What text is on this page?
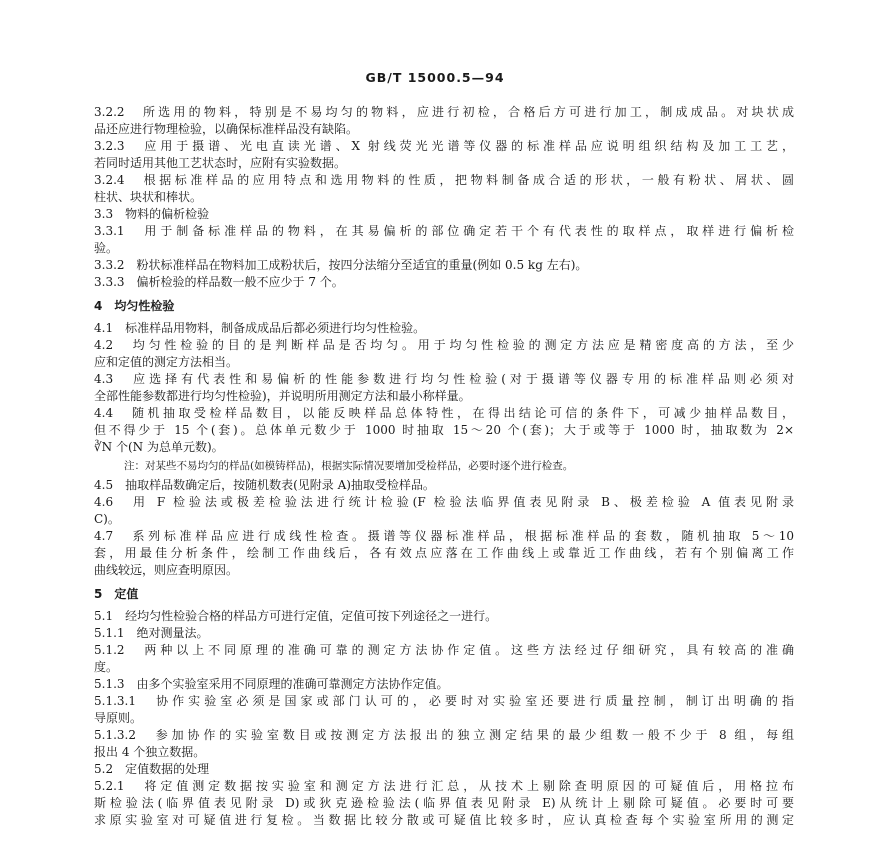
GB/T 15000.5—94
3.2.2　所选用的物料，特别是不易均匀的物料，应进行初检，合格后方可进行加工，制成成品。对块状成
品还应进行物理检验，以确保标准样品没有缺陷。
3.2.3　应用于摄谱、光电直读光谱、X 射线荧光光谱等仪器的标准样品应说明组织结构及加工工艺，
若同时适用其他工艺状态时，应附有实验数据。
3.2.4　根据标准样品的应用特点和选用物料的性质，把物料制备成合适的形状，一般有粉状、屑状、圆
柱状、块状和棒状。
3.3　物料的偏析检验
3.3.1　用于制备标准样品的物料，在其易偏析的部位确定若干个有代表性的取样点，取样进行偏析检
验。
3.3.2　粉状标准样品在物料加工成粉状后，按四分法缩分至适宜的重量(例如 0.5 kg 左右)。
3.3.3　偏析检验的样品数一般不应少于 7 个。
4　均匀性检验
4.1　标准样品用物料，制备成成品后都必须进行均匀性检验。
4.2　均匀性检验的目的是判断样品是否均匀。用于均匀性检验的测定方法应是精密度高的方法，至少
应和定值的测定方法相当。
4.3　应选择有代表性和易偏析的性能参数进行均匀性检验(对于摄谱等仪器专用的标准样品则必须对
全部性能参数都进行均匀性检验)，并说明所用测定方法和最小称样量。
4.4　随机抽取受检样品数目，以能反映样品总体特性，在得出结论可信的条件下，可减少抽样品数目，
但不得少于 15 个(套)。总体单元数少于 1000 时抽取 15～20 个(套)；大于或等于 1000 时，抽取数为 2×
∛N 个(N 为总单元数)。
注：对某些不易均匀的样品(如模铸样品)，根据实际情况要增加受检样品，必要时逐个进行检查。
4.5　抽取样品数确定后，按随机数表(见附录 A)抽取受检样品。
4.6　用 F 检验法或极差检验法进行统计检验(F 检验法临界值表见附录 B、极差检验 A 值表见附录
C)。
4.7　系列标准样品应进行成线性检查。摄谱等仪器标准样品，根据标准样品的套数，随机抽取 5～10
套，用最佳分析条件，绘制工作曲线后，各有效点应落在工作曲线上或靠近工作曲线，若有个别偏离工作
曲线较远，则应查明原因。
5　定值
5.1　经均匀性检验合格的样品方可进行定值，定值可按下列途径之一进行。
5.1.1　绝对测量法。
5.1.2　两种以上不同原理的准确可靠的测定方法协作定值。这些方法经过仔细研究，具有较高的准确
度。
5.1.3　由多个实验室采用不同原理的准确可靠测定方法协作定值。
5.1.3.1　协作实验室必须是国家或部门认可的，必要时对实验室还要进行质量控制，制订出明确的指
导原则。
5.1.3.2　参加协作的实验室数目或按测定方法报出的独立测定结果的最少组数一般不少于 8 组，每组
报出 4 个独立数据。
5.2　定值数据的处理
5.2.1　将定值测定数据按实验室和测定方法进行汇总，从技术上剔除查明原因的可疑值后，用格拉布
斯检验法(临界值表见附录 D)或狄克逊检验法(临界值表见附录 E)从统计上剔除可疑值。必要时可要
求原实验室对可疑值进行复检。当数据比较分散或可疑值比较多时，应认真检查每个实验室所用的测定
